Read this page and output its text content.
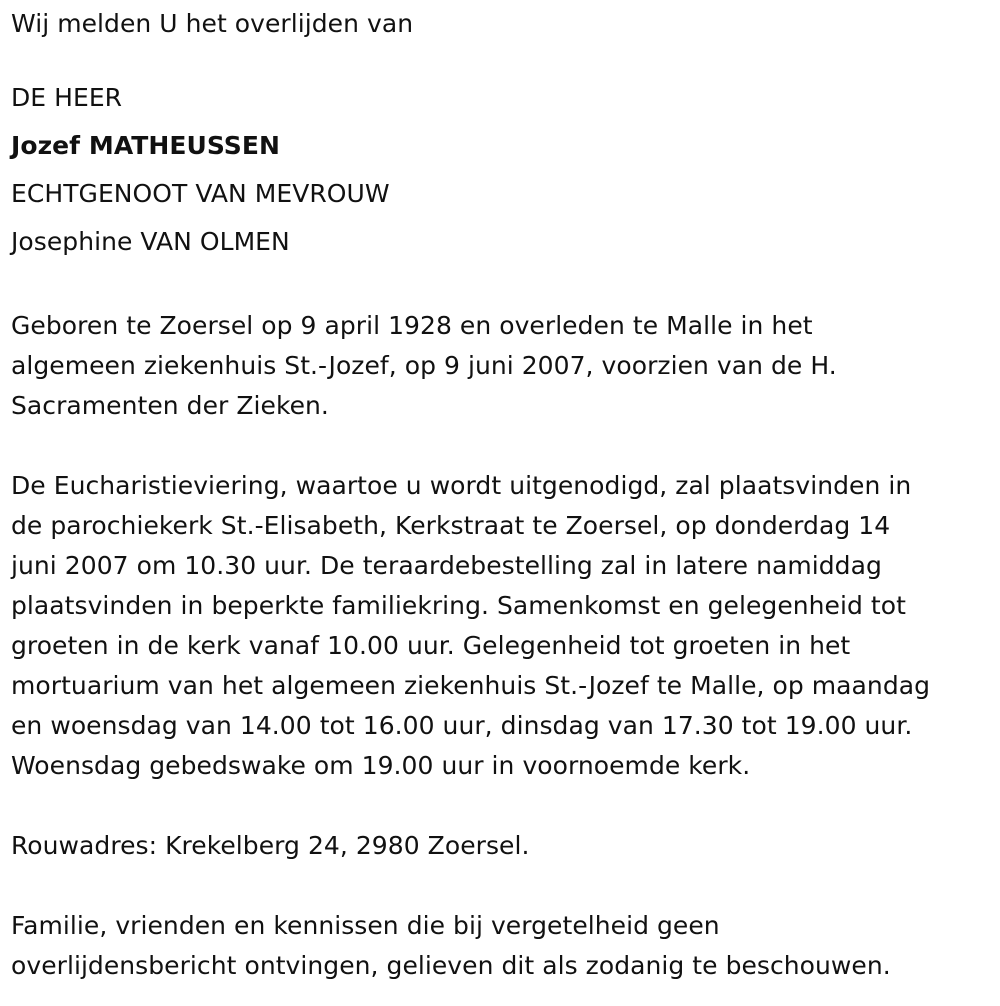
Wij melden U het overlijden van

DE HEER

Jozef MATHEUSSEN

ECHTGENOOT VAN MEVROUW

Josephine VAN OLMEN

Geboren te Zoersel op 9 april 1928 en overleden te Malle in het

algemeen ziekenhuis St.-Jozef, op 9 juni 2007, voorzien van de H.

Sacramenten der Zieken.

De Eucharistieviering, waartoe u wordt uitgenodigd, zal plaatsvinden in

de parochiekerk St.-Elisabeth, Kerkstraat te Zoersel, op donderdag 14

juni 2007 om 10.30 uur. De teraardebestelling zal in latere namiddag

plaatsvinden in beperkte familiekring. Samenkomst en gelegenheid tot

groeten in de kerk vanaf 10.00 uur. Gelegenheid tot groeten in het

mortuarium van het algemeen ziekenhuis St.-Jozef te Malle, op maandag

en woensdag van 14.00 tot 16.00 uur, dinsdag van 17.30 tot 19.00 uur.

Woensdag gebedswake om 19.00 uur in voornoemde kerk.

Rouwadres: Krekelberg 24, 2980 Zoersel.

Familie, vrienden en kennissen die bij vergetelheid geen

overlijdensbericht ontvingen, gelieven dit als zodanig te beschouwen.
